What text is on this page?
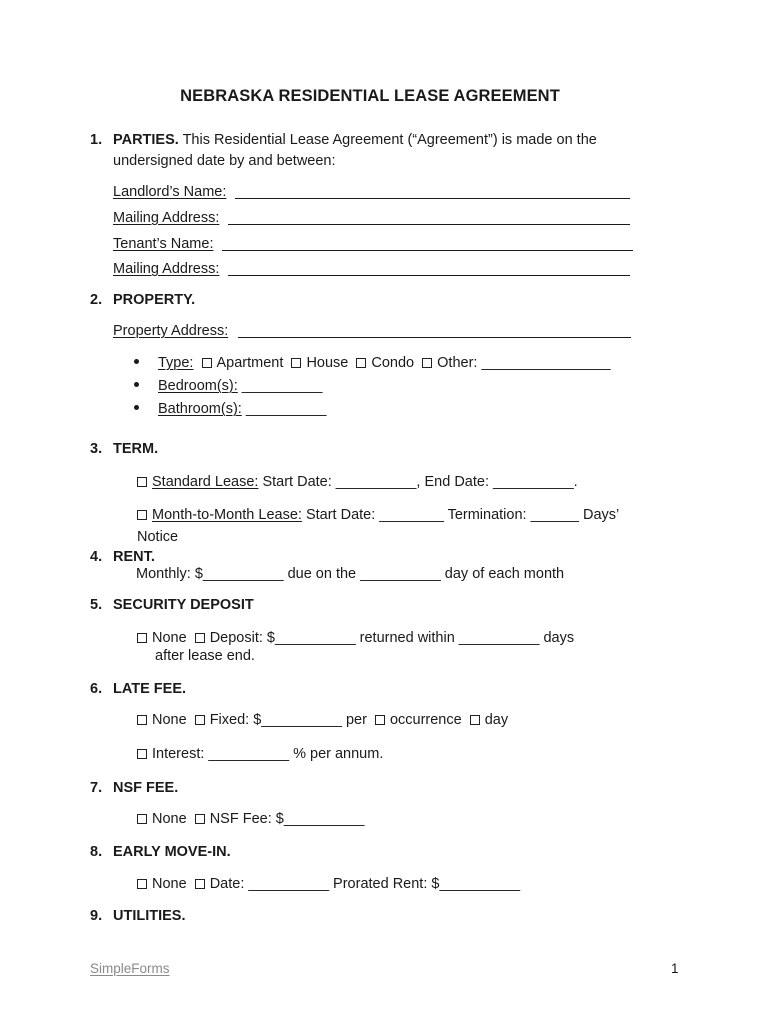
NEBRASKA RESIDENTIAL LEASE AGREEMENT
1. PARTIES. This Residential Lease Agreement (“Agreement”) is made on the
undersigned date by and between:
Landlord’s Name:
Mailing Address:
Tenant’s Name:
Mailing Address:
2. PROPERTY.
Property Address:
Type: Apartment House Condo Other: ________________
Bedroom(s): __________
Bathroom(s): __________
3. TERM.
Standard Lease: Start Date: __________, End Date: __________.
Month-to-Month Lease: Start Date: ________ Termination: ______ Days’
Notice
4. RENT.
Monthly: $__________ due on the __________ day of each month
5. SECURITY DEPOSIT
None Deposit: $__________ returned within __________ days
after lease end.
6. LATE FEE.
None Fixed: $__________ per occurrence day
Interest: __________ % per annum.
7. NSF FEE.
None NSF Fee: $__________
8. EARLY MOVE-IN.
None Date: __________ Prorated Rent: $__________
9. UTILITIES.
SimpleForms	1
